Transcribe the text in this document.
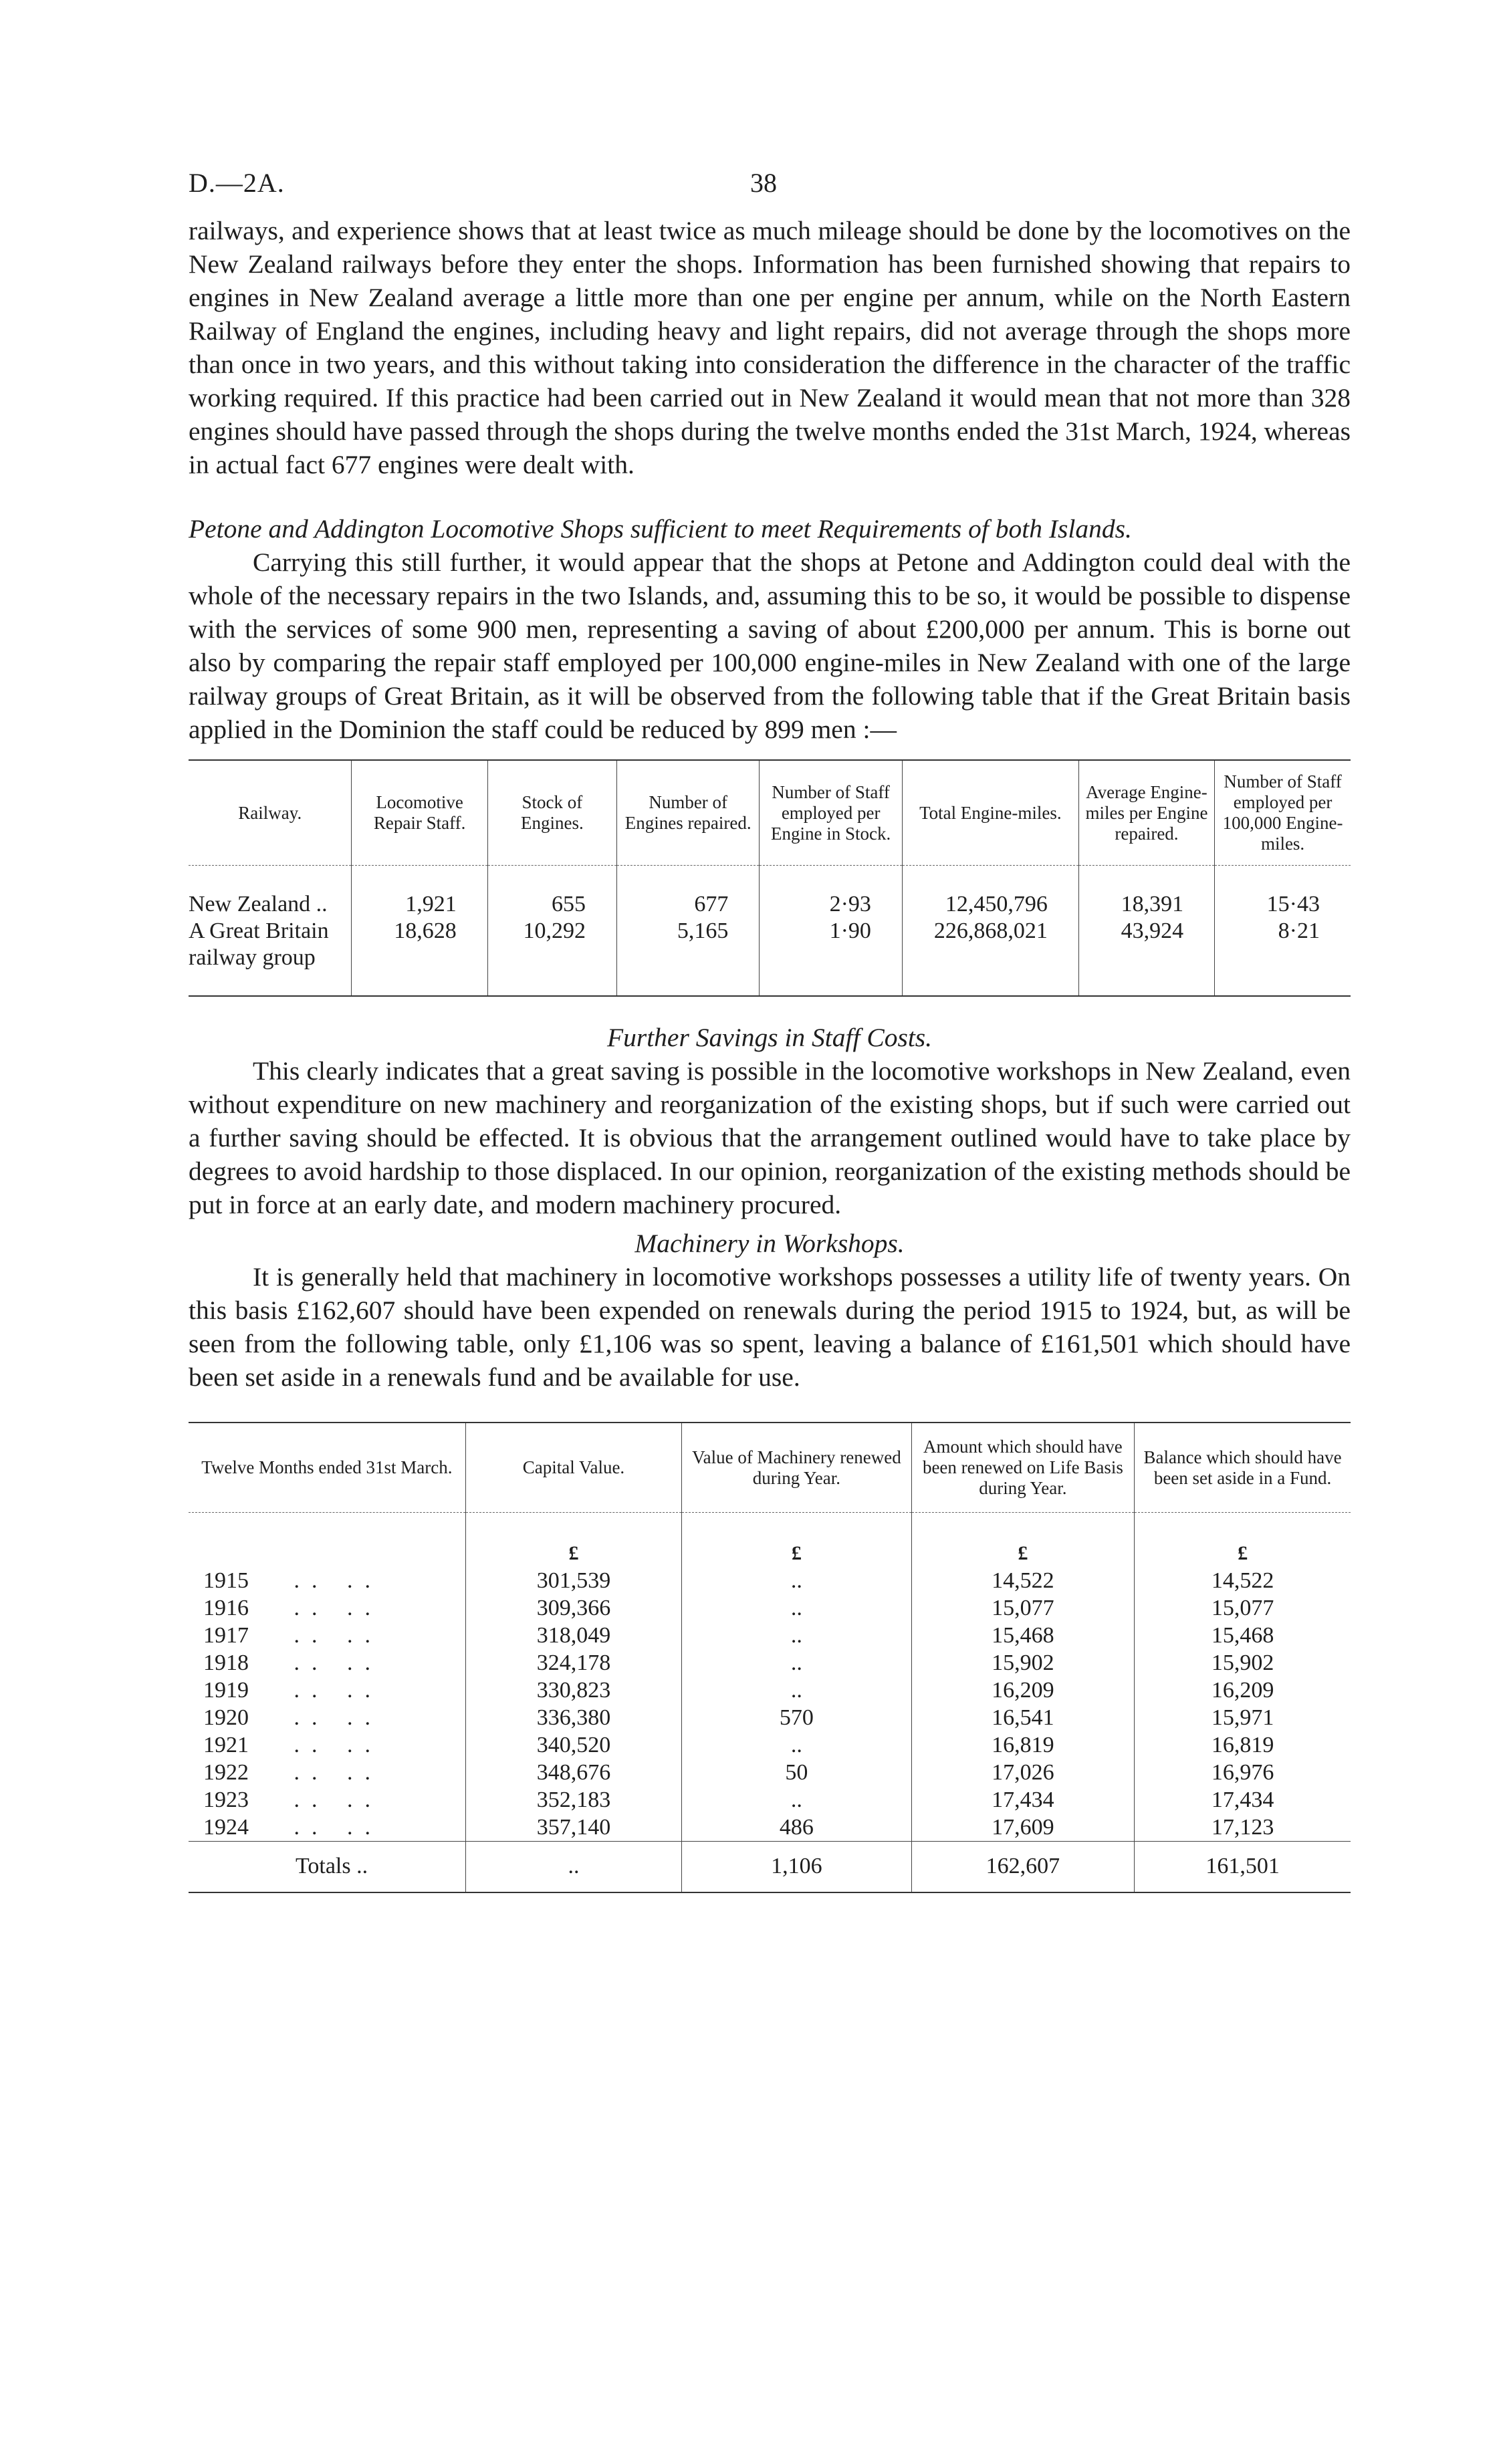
D.—2A.	38

railways, and experience shows that at least twice as much mileage should be done by the locomotives on the New Zealand railways before they enter the shops. Information has been furnished showing that repairs to engines in New Zealand average a little more than one per engine per annum, while on the North Eastern Railway of England the engines, including heavy and light repairs, did not average through the shops more than once in two years, and this without taking into consideration the difference in the character of the traffic working required. If this practice had been carried out in New Zealand it would mean that not more than 328 engines should have passed through the shops during the twelve months ended the 31st March, 1924, whereas in actual fact 677 engines were dealt with.

Petone and Addington Locomotive Shops sufficient to meet Requirements of both Islands.

Carrying this still further, it would appear that the shops at Petone and Addington could deal with the whole of the necessary repairs in the two Islands, and, assuming this to be so, it would be possible to dispense with the services of some 900 men, representing a saving of about £200,000 per annum. This is borne out also by comparing the repair staff employed per 100,000 engine-miles in New Zealand with one of the large railway groups of Great Britain, as it will be observed from the following table that if the Great Britain basis applied in the Dominion the staff could be reduced by 899 men :—

Railway.	Locomotive Repair Staff.	Stock of Engines.	Number of Engines repaired.	Number of Staff employed per Engine in Stock.	Total Engine-miles.	Average Engine-miles per Engine repaired.	Number of Staff employed per 100,000 Engine-miles.

New Zealand ..	1,921	655	677	2·93	12,450,796	18,391	15·43
A Great Britain railway group	18,628	10,292	5,165	1·90	226,868,021	43,924	8·21
Further Savings in Staff Costs.

This clearly indicates that a great saving is possible in the locomotive workshops in New Zealand, even without expenditure on new machinery and reorganization of the existing shops, but if such were carried out a further saving should be effected. It is obvious that the arrangement outlined would have to take place by degrees to avoid hardship to those displaced. In our opinion, reorganization of the existing methods should be put in force at an early date, and modern machinery procured.

Machinery in Workshops.

It is generally held that machinery in locomotive workshops possesses a utility life of twenty years. On this basis £162,607 should have been expended on renewals during the period 1915 to 1924, but, as will be seen from the following table, only £1,106 was so spent, leaving a balance of £161,501 which should have been set aside in a renewals fund and be available for use.

Twelve Months ended 31st March.	Capital Value.	Value of Machinery renewed during Year.	Amount which should have been renewed on Life Basis during Year.	Balance which should have been set aside in a Fund.

	£	£	£	£
1915 .. ..	301,539	..	14,522	14,522
1916 .. ..	309,366	..	15,077	15,077
1917 .. ..	318,049	..	15,468	15,468
1918 .. ..	324,178	..	15,902	15,902
1919 .. ..	330,823	..	16,209	16,209
1920 .. ..	336,380	570	16,541	15,971
1921 .. ..	340,520	..	16,819	16,819
1922 .. ..	348,676	50	17,026	16,976
1923 .. ..	352,183	..	17,434	17,434
1924 .. ..	357,140	486	17,609	17,123
Totals ..	..	1,106	162,607	161,501
